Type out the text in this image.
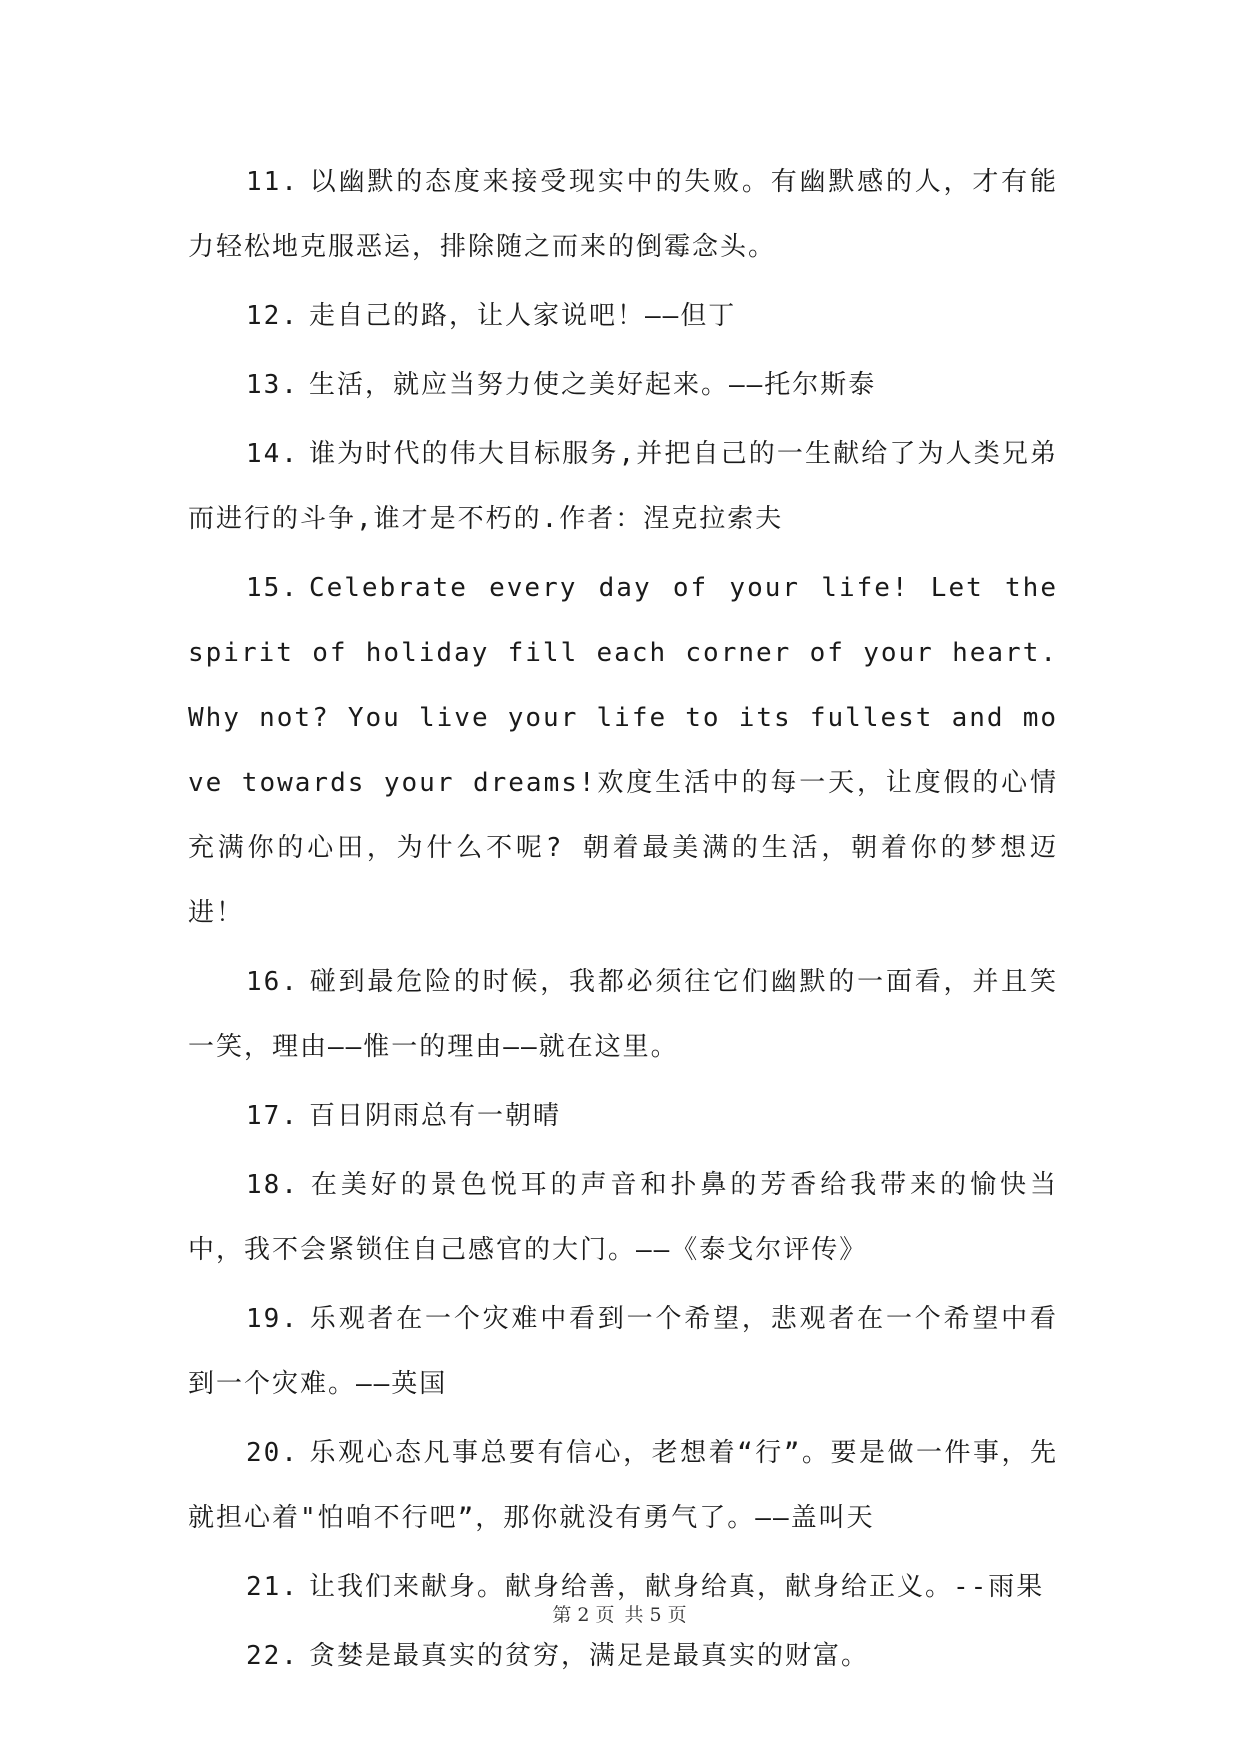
11. 以幽默的态度来接受现实中的失败。有幽默感的人，才有能力轻松地克服恶运，排除随之而来的倒霉念头。

12. 走自己的路，让人家说吧！——但丁

13. 生活，就应当努力使之美好起来。——托尔斯泰

14. 谁为时代的伟大目标服务,并把自己的一生献给了为人类兄弟而进行的斗争,谁才是不朽的.作者：涅克拉索夫

15. Celebrate every day of your life! Let the spirit of holiday fill each corner of your heart.Why not? You live your life to its fullest and move towards your dreams!欢度生活中的每一天，让度假的心情充满你的心田，为什么不呢? 朝着最美满的生活，朝着你的梦想迈进！

16. 碰到最危险的时候，我都必须往它们幽默的一面看，并且笑一笑，理由——惟一的理由——就在这里。

17. 百日阴雨总有一朝晴

18. 在美好的景色悦耳的声音和扑鼻的芳香给我带来的愉快当中，我不会紧锁住自己感官的大门。——《泰戈尔评传》

19. 乐观者在一个灾难中看到一个希望，悲观者在一个希望中看到一个灾难。——英国

20. 乐观心态凡事总要有信心，老想着“行”。要是做一件事，先就担心着"怕咱不行吧”，那你就没有勇气了。——盖叫天

21. 让我们来献身。献身给善，献身给真，献身给正义。--雨果

22. 贪婪是最真实的贫穷，满足是最真实的财富。

第 2 页 共 5 页
